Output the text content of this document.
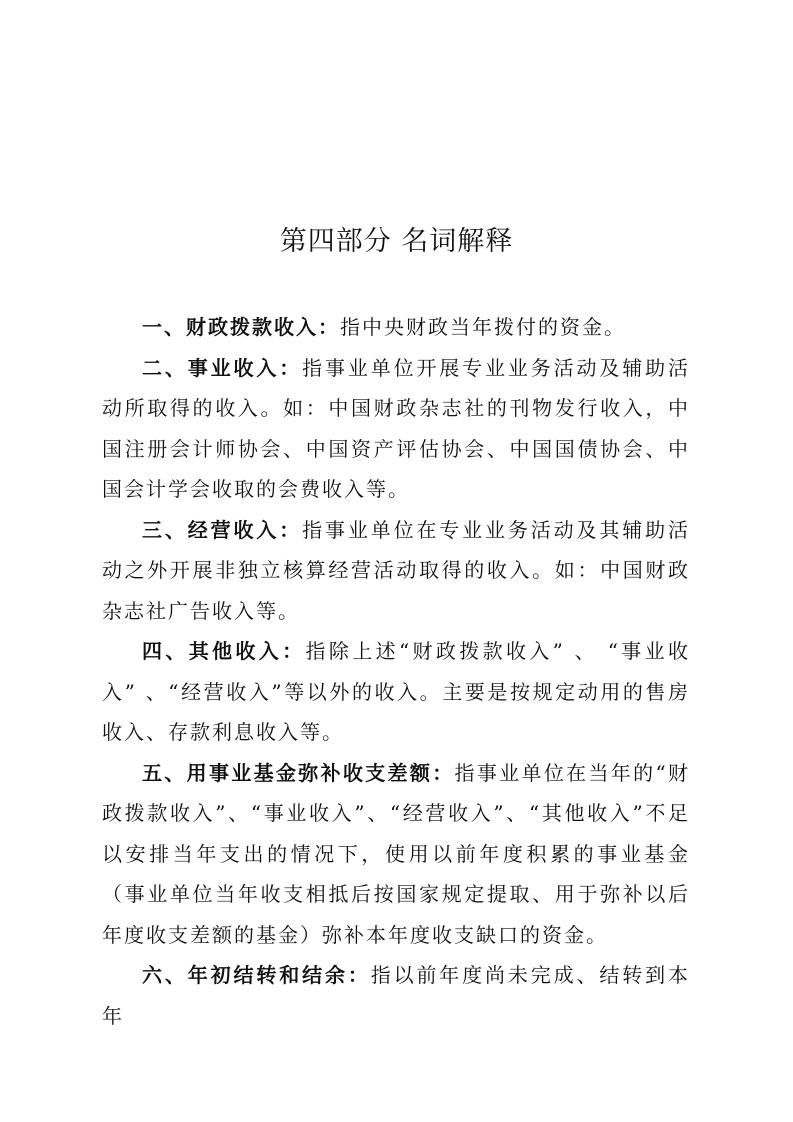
第四部分 名词解释

一、财政拨款收入：指中央财政当年拨付的资金。

二、事业收入：指事业单位开展专业业务活动及辅助活动所取得的收入。如：中国财政杂志社的刊物发行收入，中国注册会计师协会、中国资产评估协会、中国国债协会、中国会计学会收取的会费收入等。

三、经营收入：指事业单位在专业业务活动及其辅助活动之外开展非独立核算经营活动取得的收入。如：中国财政杂志社广告收入等。

四、其他收入：指除上述“财政拨款收入” 、 “事业收入” 、“经营收入”等以外的收入。主要是按规定动用的售房收入、存款利息收入等。

五、用事业基金弥补收支差额：指事业单位在当年的“财政拨款收入”、“事业收入”、“经营收入”、“其他收入”不足以安排当年支出的情况下，使用以前年度积累的事业基金（事业单位当年收支相抵后按国家规定提取、用于弥补以后年度收支差额的基金）弥补本年度收支缺口的资金。

六、年初结转和结余：指以前年度尚未完成、结转到本年
